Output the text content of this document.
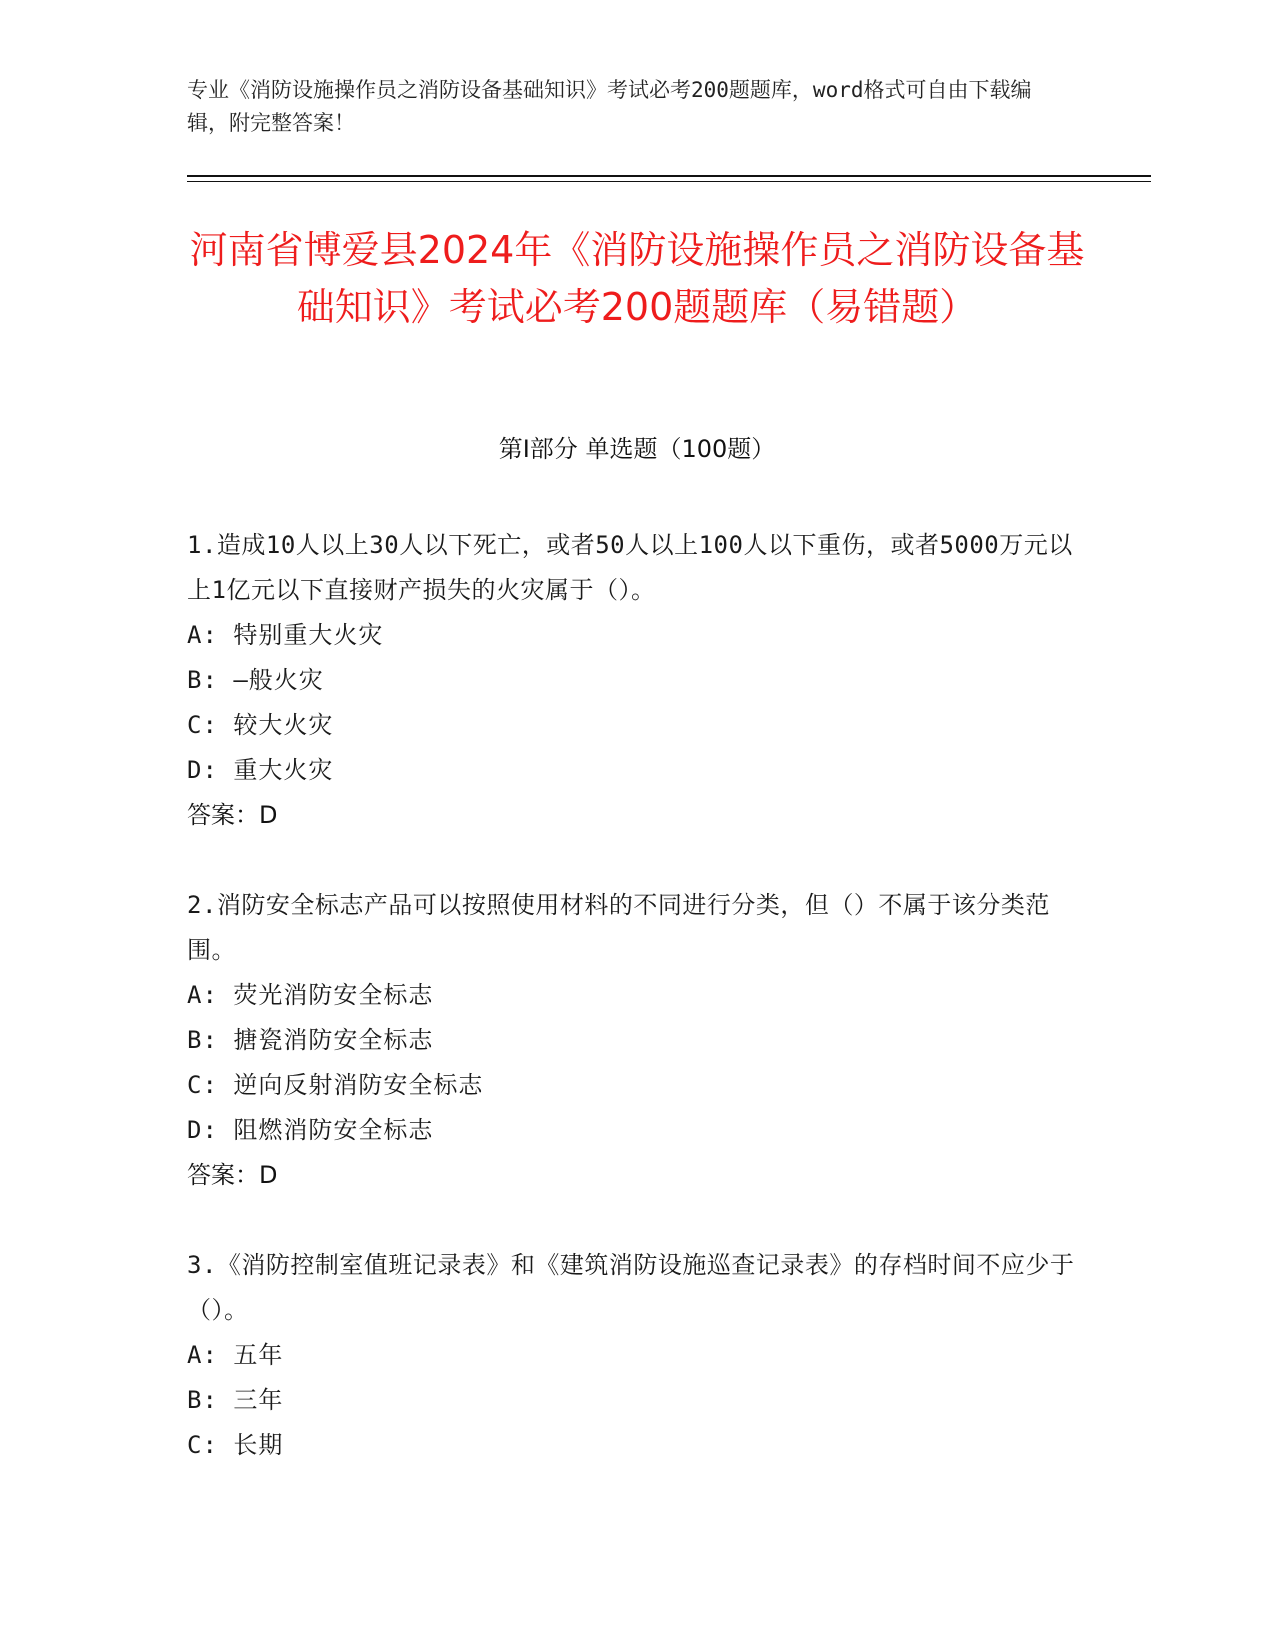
专业《消防设施操作员之消防设备基础知识》考试必考200题题库，word格式可自由下载编辑，附完整答案！
河南省博爱县2024年《消防设施操作员之消防设备基础知识》考试必考200题题库（易错题）
第I部分 单选题（100题）
1.造成10人以上30人以下死亡，或者50人以上100人以下重伤，或者5000万元以上1亿元以下直接财产损失的火灾属于（）。
A: 特别重大火灾
B: —般火灾
C: 较大火灾
D: 重大火灾
答案：D
2.消防安全标志产品可以按照使用材料的不同进行分类，但（）不属于该分类范围。
A: 荧光消防安全标志
B: 搪瓷消防安全标志
C: 逆向反射消防安全标志
D: 阻燃消防安全标志
答案：D
3.《消防控制室值班记录表》和《建筑消防设施巡查记录表》的存档时间不应少于（）。
A: 五年
B: 三年
C: 长期
